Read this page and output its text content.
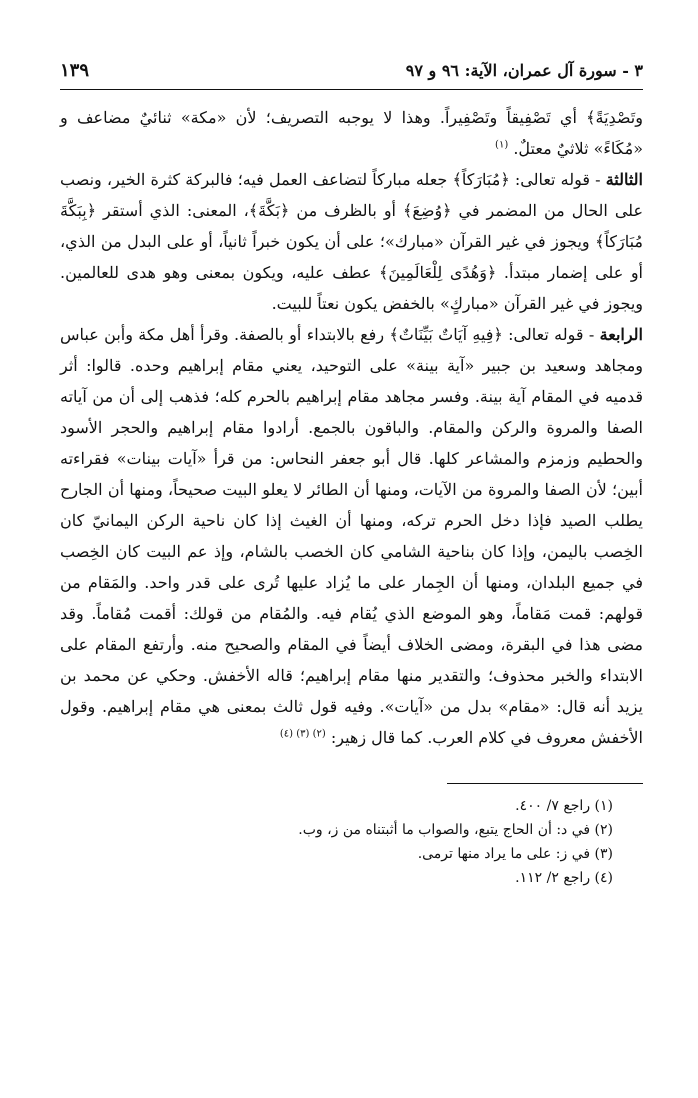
٣ - سورة آل عمران، الآية: ٩٦ و ٩٧
١٣٩

وتَصْدِيَةً﴾ أي تَصْفِيقاً وتَصْفِيراً. وهذا لا يوجبه التصريف؛ لأن «مكة» ثنائيٌ مضاعف و «مُكَاءً» ثلاثيٌ معتلٌ. $^{(١)}$

الثالثة - قوله تعالى: ﴿مُبَارَكاً﴾ جعله مباركاً لتضاعف العمل فيه؛ فالبركة كثرة الخير، ونصب على الحال من المضمر في ﴿وُضِعَ﴾ أو بالظرف من ﴿بَكَّةَ﴾، المعنى: الذي أستقر ﴿بِبَكَّةَ مُبَارَكاً﴾ ويجوز في غير القرآن «مبارك»؛ على أن يكون خبراً ثانياً، أو على البدل من الذي، أو على إضمار مبتدأ. ﴿وَهُدًى لِلْعَالَمِينَ﴾ عطف عليه، ويكون بمعنى وهو هدى للعالمين. ويجوز في غير القرآن «مباركٍ» بالخفض يكون نعتاً للبيت.

الرابعة - قوله تعالى: ﴿فِيهِ آيَاتٌ بَيِّنَاتٌ﴾ رفع بالابتداء أو بالصفة. وقرأ أهل مكة وأبن عباس ومجاهد وسعيد بن جبير «آية بينة» على التوحيد، يعني مقام إبراهيم وحده. قالوا: أثر قدميه في المقام آية بينة. وفسر مجاهد مقام إبراهيم بالحرم كله؛ فذهب إلى أن من آياته الصفا والمروة والركن والمقام. والباقون بالجمع. أرادوا مقام إبراهيم والحجر الأسود والحطيم وزمزم والمشاعر كلها. قال أبو جعفر النحاس: من قرأ «آيات بينات» فقراءته أبين؛ لأن الصفا والمروة من الآيات، ومنها أن الطائر لا يعلو البيت صحيحاً، ومنها أن الجارح يطلب الصيد فإذا دخل الحرم تركه، ومنها أن الغيث إذا كان ناحية الركن اليمانيّ كان الخِصب باليمن، وإذا كان بناحية الشامي كان الخصب بالشام، وإذ عم البيت كان الخِصب في جميع البلدان، ومنها أن الجِمار على ما يُزاد عليها تُرى على قدر واحد. والمَقام من قولهم: قمت مَقاماً، وهو الموضع الذي يُقام فيه. والمُقام من قولك: أقمت مُقاماً. وقد مضى هذا في البقرة، ومضى الخلاف أيضاً في المقام والصحيح منه. وأرتفع المقام على الابتداء والخبر محذوف؛ والتقدير منها مقام إبراهيم؛ قاله الأخفش. وحكي عن محمد بن يزيد أنه قال: «مقام» بدل من «آيات». وفيه قول ثالث بمعنى هي مقام إبراهيم. وقول الأخفش معروف في كلام العرب. كما قال زهير: $^{(٢) (٣) (٤)}$

(١) راجع ٧/ ٤٠٠.

(٢) في د: أن الحاج يتبع، والصواب ما أثبتناه من ز، وب.

(٣) في ز: على ما يراد منها ترمى.

(٤) راجع ٢/ ١١٢.
